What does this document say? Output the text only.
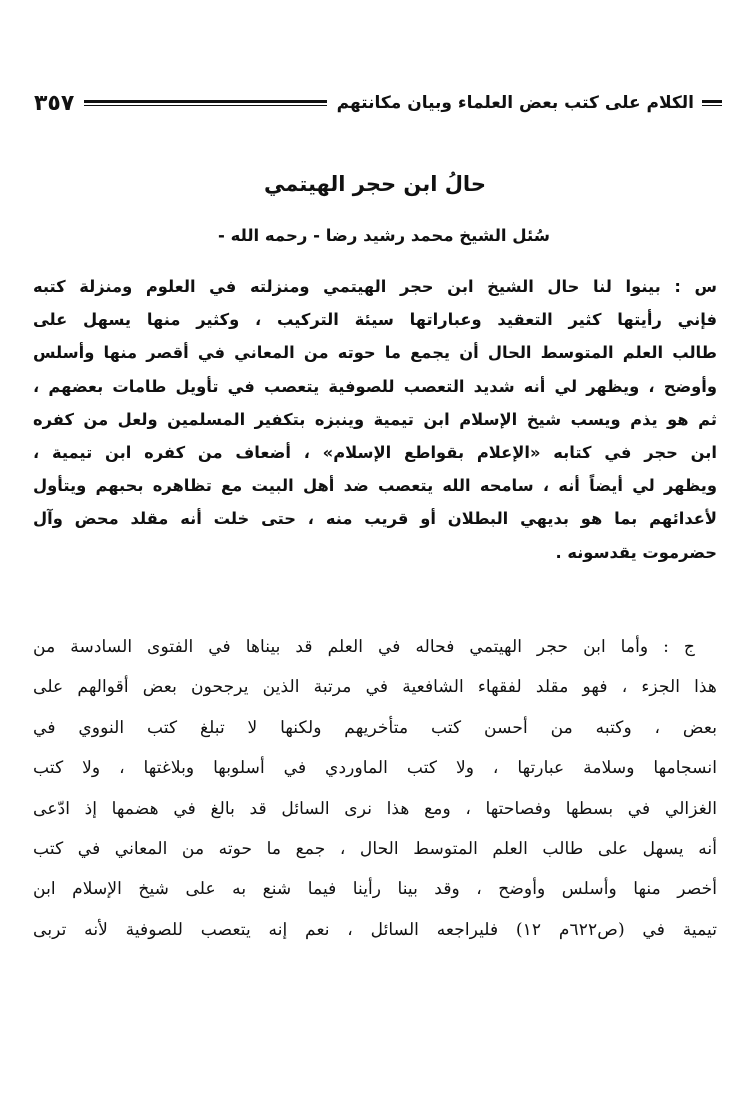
الكلام على كتب بعض العلماء وبيان مكانتهم
٣٥٧
حالُ ابن حجر الهيتمي
سُئل الشيخ محمد رشيد رضا - رحمه الله -
س : بينوا لنا حال الشيخ ابن حجر الهيتمي ومنزلته في العلوم ومنزلة كتبه
فإني رأيتها كثير التعقيد وعباراتها سيئة التركيب ، وكثير منها يسهل على
طالب العلم المتوسط الحال أن يجمع ما حوته من المعاني في أقصر منها وأسلس
وأوضح ، ويظهر لي أنه شديد التعصب للصوفية يتعصب في تأويل طامات بعضهم ،
ثم هو يذم ويسب شيخ الإسلام ابن تيمية وينبزه بتكفير المسلمين ولعل من كفره
ابن حجر في كتابه «الإعلام بقواطع الإسلام» ، أضعاف من كفره ابن تيمية ،
ويظهر لي أيضاً أنه ، سامحه الله يتعصب ضد أهل البيت مع تظاهره بحبهم ويتأول
لأعدائهم بما هو بديهي البطلان أو قريب منه ، حتى خلت أنه مقلد محض وآل
حضرموت يقدسونه .
ج : وأما ابن حجر الهيتمي فحاله في العلم قد بيناها في الفتوى السادسة من
هذا الجزء ، فهو مقلد لفقهاء الشافعية في مرتبة الذين يرجحون بعض أقوالهم على
بعض ، وكتبه من أحسن كتب متأخريهم ولكنها لا تبلغ كتب النووي في
انسجامها وسلامة عبارتها ، ولا كتب الماوردي في أسلوبها وبلاغتها ، ولا كتب
الغزالي في بسطها وفصاحتها ، ومع هذا نرى السائل قد بالغ في هضمها إذ ادّعى
أنه يسهل على طالب العلم المتوسط الحال ، جمع ما حوته من المعاني في كتب
أخصر منها وأسلس وأوضح ، وقد بينا رأينا فيما شنع به على شيخ الإسلام ابن
تيمية في (ص٦٢٢م ١٢) فليراجعه السائل ، نعم إنه يتعصب للصوفية لأنه تربى
